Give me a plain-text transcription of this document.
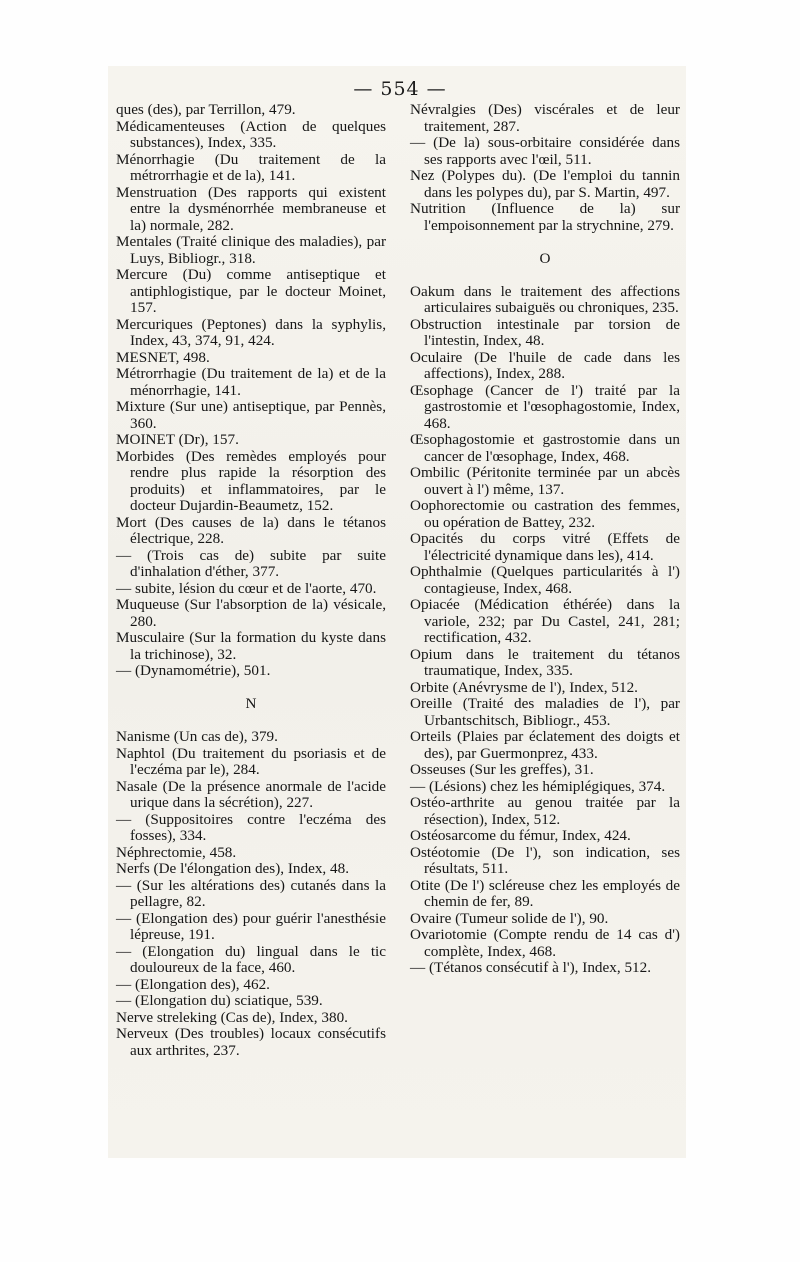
— 554 —
ques (des), par Terrillon, 479.
Médicamenteuses (Action de quelques substances), Index, 335.
Ménorrhagie (Du traitement de la métrorrhagie et de la), 141.
Menstruation (Des rapports qui existent entre la dysménorrhée membraneuse et la) normale, 282.
Mentales (Traité clinique des maladies), par Luys, Bibliogr., 318.
Mercure (Du) comme antiseptique et antiphlogistique, par le docteur Moinet, 157.
Mercuriques (Peptones) dans la syphylis, Index, 43, 374, 91, 424.
MESNET, 498.
Métrorrhagie (Du traitement de la) et de la ménorrhagie, 141.
Mixture (Sur une) antiseptique, par Pennès, 360.
MOINET (Dr), 157.
Morbides (Des remèdes employés pour rendre plus rapide la résorption des produits) et inflammatoires, par le docteur Dujardin-Beaumetz, 152.
Mort (Des causes de la) dans le tétanos électrique, 228.
— (Trois cas de) subite par suite d'inhalation d'éther, 377.
— subite, lésion du cœur et de l'aorte, 470.
Muqueuse (Sur l'absorption de la) vésicale, 280.
Musculaire (Sur la formation du kyste dans la trichinose), 32.
— (Dynamométrie), 501.
N
Nanisme (Un cas de), 379.
Naphtol (Du traitement du psoriasis et de l'eczéma par le), 284.
Nasale (De la présence anormale de l'acide urique dans la sécrétion), 227.
— (Suppositoires contre l'eczéma des fosses), 334.
Néphrectomie, 458.
Nerfs (De l'élongation des), Index, 48.
— (Sur les altérations des) cutanés dans la pellagre, 82.
— (Elongation des) pour guérir l'anesthésie lépreuse, 191.
— (Elongation du) lingual dans le tic douloureux de la face, 460.
— (Elongation des), 462.
— (Elongation du) sciatique, 539.
Nerve streleking (Cas de), Index, 380.
Nerveux (Des troubles) locaux consécutifs aux arthrites, 237.
Névralgies (Des) viscérales et de leur traitement, 287.
— (De la) sous-orbitaire considérée dans ses rapports avec l'œil, 511.
Nez (Polypes du). (De l'emploi du tannin dans les polypes du), par S. Martin, 497.
Nutrition (Influence de la) sur l'empoisonnement par la strychnine, 279.
O
Oakum dans le traitement des affections articulaires subaiguës ou chroniques, 235.
Obstruction intestinale par torsion de l'intestin, Index, 48.
Oculaire (De l'huile de cade dans les affections), Index, 288.
Œsophage (Cancer de l') traité par la gastrostomie et l'œsophagostomie, Index, 468.
Œsophagostomie et gastrostomie dans un cancer de l'œsophage, Index, 468.
Ombilic (Péritonite terminée par un abcès ouvert à l') même, 137.
Oophorectomie ou castration des femmes, ou opération de Battey, 232.
Opacités du corps vitré (Effets de l'électricité dynamique dans les), 414.
Ophthalmie (Quelques particularités à l') contagieuse, Index, 468.
Opiacée (Médication éthérée) dans la variole, 232; par Du Castel, 241, 281; rectification, 432.
Opium dans le traitement du tétanos traumatique, Index, 335.
Orbite (Anévrysme de l'), Index, 512.
Oreille (Traité des maladies de l'), par Urbantschitsch, Bibliogr., 453.
Orteils (Plaies par éclatement des doigts et des), par Guermonprez, 433.
Osseuses (Sur les greffes), 31.
— (Lésions) chez les hémiplégiques, 374.
Ostéo-arthrite au genou traitée par la résection), Index, 512.
Ostéosarcome du fémur, Index, 424.
Ostéotomie (De l'), son indication, ses résultats, 511.
Otite (De l') scléreuse chez les employés de chemin de fer, 89.
Ovaire (Tumeur solide de l'), 90.
Ovariotomie (Compte rendu de 14 cas d') complète, Index, 468.
— (Tétanos consécutif à l'), Index, 512.
